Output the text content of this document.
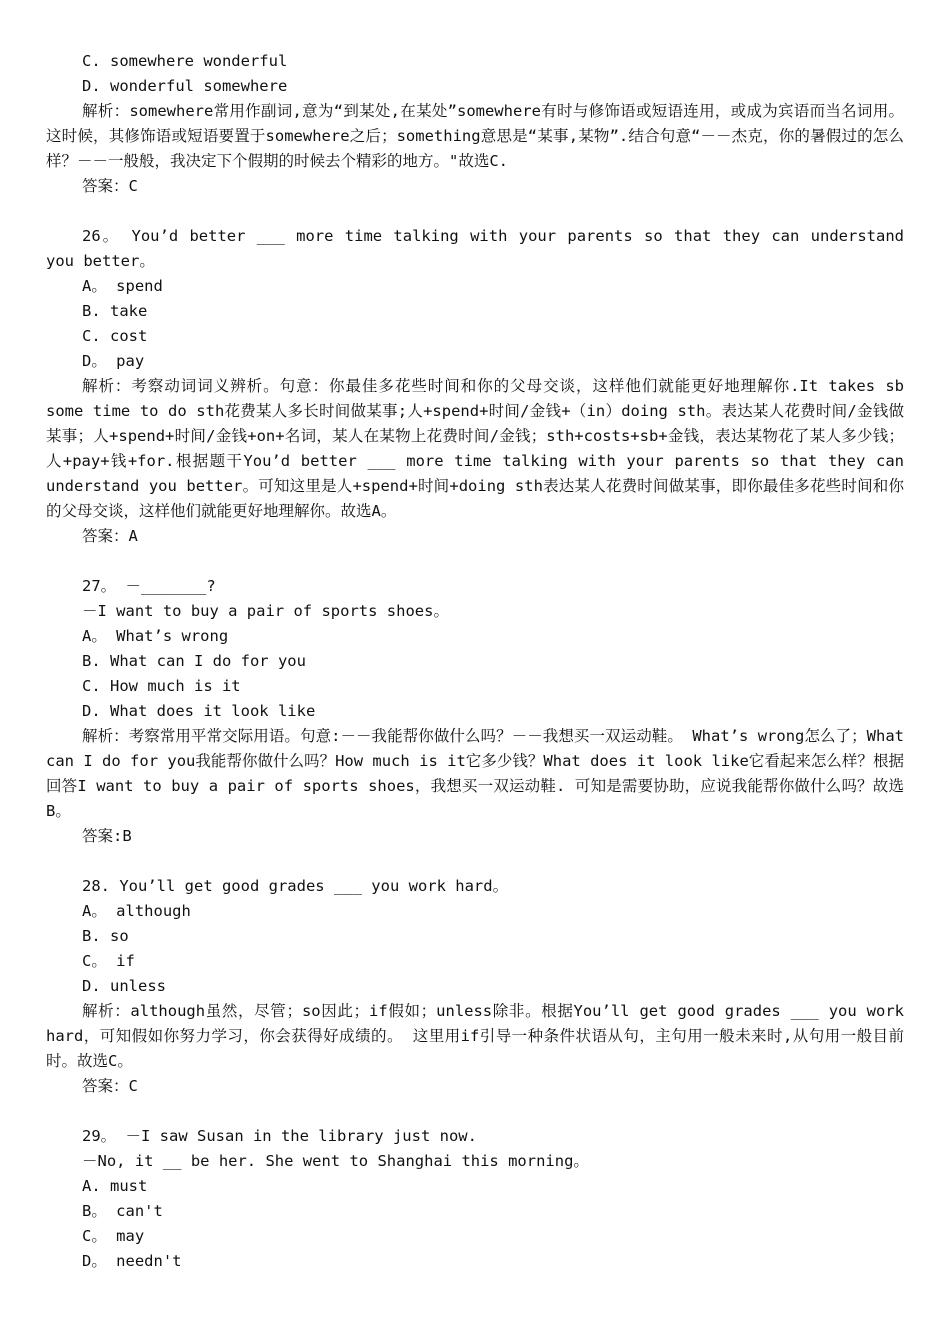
C. somewhere wonderful
D. wonderful somewhere
解析：somewhere常用作副词,意为“到某处,在某处”somewhere有时与修饰语或短语连用，或成为宾语而当名词用。这时候，其修饰语或短语要置于somewhere之后；something意思是“某事,某物”.结合句意“－－杰克，你的暑假过的怎么样？－－一般般，我决定下个假期的时候去个精彩的地方。"故选C.
答案：C
26。 You’d better ___ more time talking with your parents so that they can understand you better。
A。 spend
B. take
C. cost
D。 pay
解析：考察动词词义辨析。句意：你最佳多花些时间和你的父母交谈，这样他们就能更好地理解你.It takes sb some time to do sth花费某人多长时间做某事;人+spend+时间/金钱+（in）doing sth。表达某人花费时间/金钱做某事；人+spend+时间/金钱+on+名词，某人在某物上花费时间/金钱；sth+costs+sb+金钱，表达某物花了某人多少钱；人+pay+钱+for.根据题干You’d better ___ more time talking with your parents so that they can understand you better。可知这里是人+spend+时间+doing sth表达某人花费时间做某事，即你最佳多花些时间和你的父母交谈，这样他们就能更好地理解你。故选A。
答案：A
27。 －_______?
－I want to buy a pair of sports shoes。
A。 What’s wrong
B. What can I do for you
C. How much is it
D. What does it look like
解析：考察常用平常交际用语。句意:－－我能帮你做什么吗？－－我想买一双运动鞋。 What’s wrong怎么了；What can I do for you我能帮你做什么吗？How much is it它多少钱？What does it look like它看起来怎么样？根据回答I want to buy a pair of sports shoes，我想买一双运动鞋. 可知是需要协助，应说我能帮你做什么吗？故选B。
答案:B
28. You’ll get good grades ___ you work hard。
A。 although
B. so
C。 if
D. unless
解析：although虽然，尽管；so因此；if假如；unless除非。根据You’ll get good grades ___ you work hard，可知假如你努力学习，你会获得好成绩的。 这里用if引导一种条件状语从句，主句用一般未来时,从句用一般目前时。故选C。
答案：C
29。 －I saw Susan in the library just now.
－No, it __ be her. She went to Shanghai this morning。
A. must
B。 can't
C。 may
D。 needn't
